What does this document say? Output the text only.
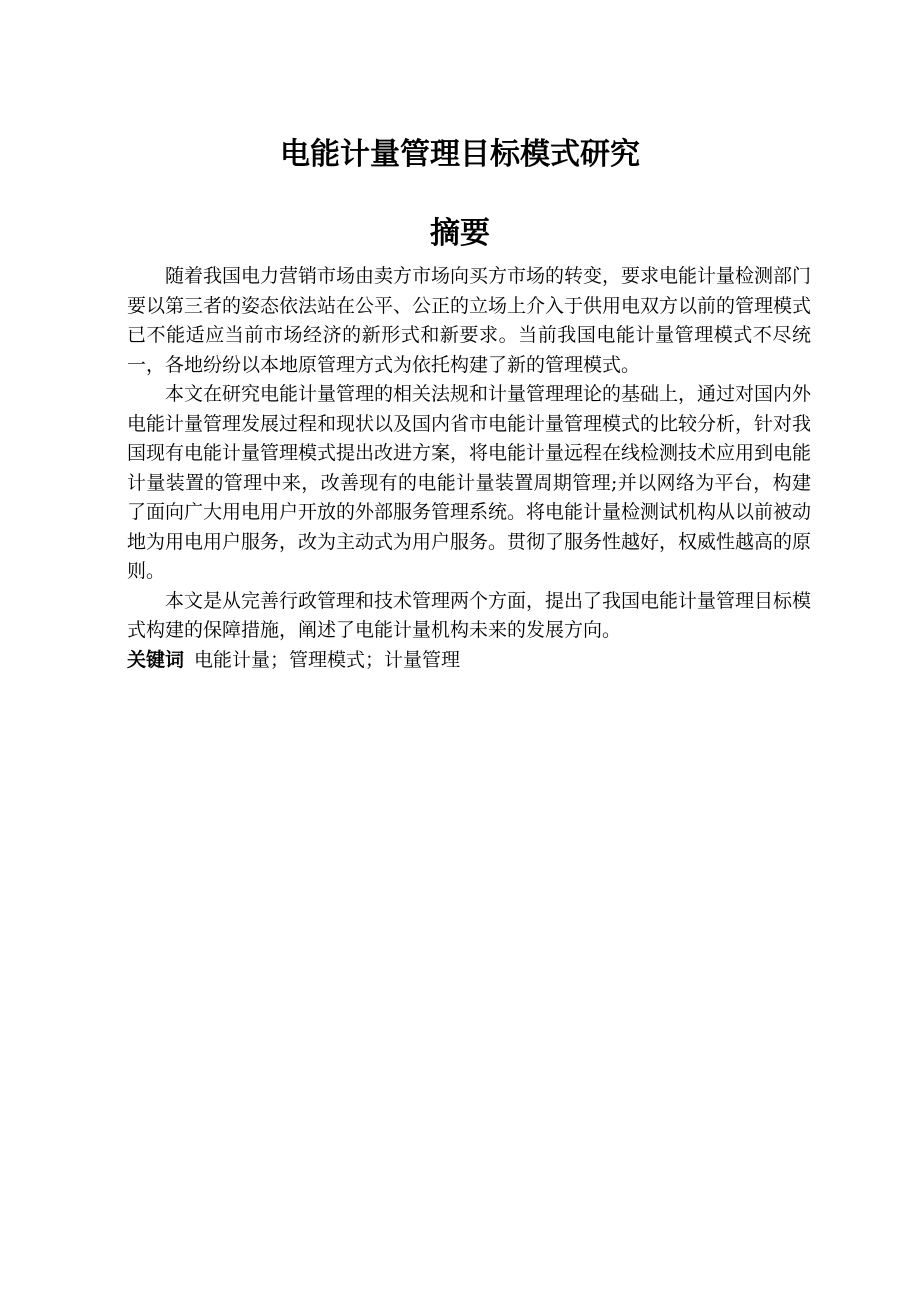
电能计量管理目标模式研究
摘要

随着我国电力营销市场由卖方市场向买方市场的转变，要求电能计量检测部门要以第三者的姿态依法站在公平、公正的立场上介入于供用电双方以前的管理模式已不能适应当前市场经济的新形式和新要求。当前我国电能计量管理模式不尽统一，各地纷纷以本地原管理方式为依托构建了新的管理模式。

本文在研究电能计量管理的相关法规和计量管理理论的基础上，通过对国内外电能计量管理发展过程和现状以及国内省市电能计量管理模式的比较分析，针对我国现有电能计量管理模式提出改进方案，将电能计量远程在线检测技术应用到电能计量装置的管理中来，改善现有的电能计量装置周期管理;并以网络为平台，构建了面向广大用电用户开放的外部服务管理系统。将电能计量检测试机构从以前被动地为用电用户服务，改为主动式为用户服务。贯彻了服务性越好，权威性越高的原则。

本文是从完善行政管理和技术管理两个方面，提出了我国电能计量管理目标模式构建的保障措施，阐述了电能计量机构未来的发展方向。

关键词 电能计量；管理模式；计量管理
